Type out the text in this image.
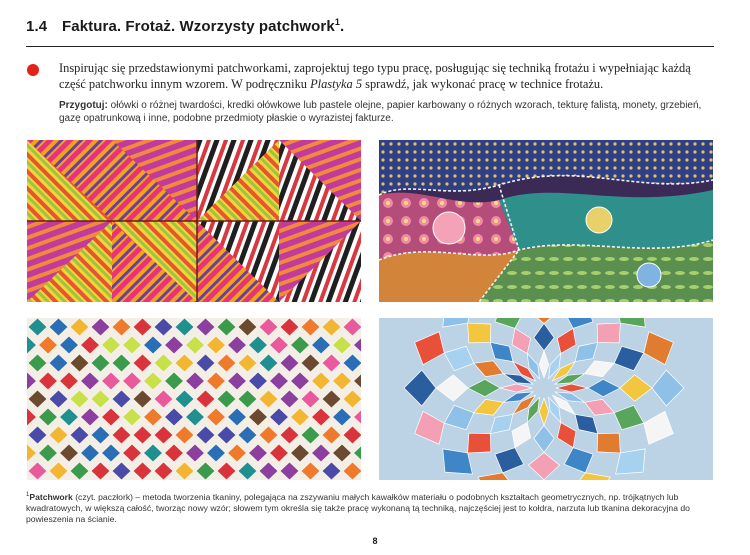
1.4 Faktura. Frotaż. Wzorzysty patchwork$^1$.
Inspirując się przedstawionymi patchworkami, zaprojektuj tego typu pracę, posługując się techniką frotażu i wypełniając każdą część patchworku innym wzorem. W podręczniku Plastyka 5 sprawdź, jak wykonać pracę w technice frotażu.
Przygotuj: ołówki o różnej twardości, kredki ołówkowe lub pastele olejne, papier karbowany o różnych wzorach, tekturę falistą, monety, grzebień, gazę opatrunkową i inne, podobne przedmioty płaskie o wyrazistej fakturze.
$^1$Patchwork (czyt. paczłork) – metoda tworzenia tkaniny, polegająca na zszywaniu małych kawałków materiału o podobnych kształtach geometrycznych, np. trójkątnych lub kwadratowych, w większą całość, tworząc nowy wzór; słowem tym określa się także pracę wykonaną tą techniką, najczęściej jest to kołdra, narzuta lub tkanina dekoracyjna do powieszenia na ścianie.
8
